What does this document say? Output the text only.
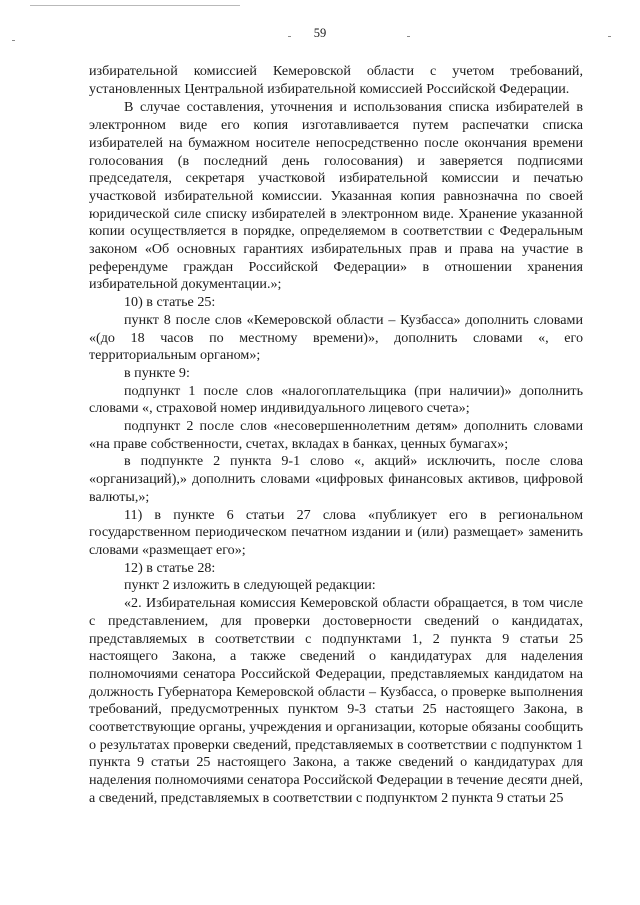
59

избирательной комиссией Кемеровской области с учетом требований, установленных Центральной избирательной комиссией Российской Федерации.

В случае составления, уточнения и использования списка избирателей в электронном виде его копия изготавливается путем распечатки списка избирателей на бумажном носителе непосредственно после окончания времени голосования (в последний день голосования) и заверяется подписями председателя, секретаря участковой избирательной комиссии и печатью участковой избирательной комиссии. Указанная копия равнозначна по своей юридической силе списку избирателей в электронном виде. Хранение указанной копии осуществляется в порядке, определяемом в соответствии с Федеральным законом «Об основных гарантиях избирательных прав и права на участие в референдуме граждан Российской Федерации» в отношении хранения избирательной документации.»;

10) в статье 25:

пункт 8 после слов «Кемеровской области – Кузбасса» дополнить словами «(до 18 часов по местному времени)», дополнить словами «, его территориальным органом»;

в пункте 9:

подпункт 1 после слов «налогоплательщика (при наличии)» дополнить словами «, страховой номер индивидуального лицевого счета»;

подпункт 2 после слов «несовершеннолетним детям» дополнить словами «на праве собственности, счетах, вкладах в банках, ценных бумагах»;

в подпункте 2 пункта 9-1 слово «, акций» исключить, после слова «организаций),» дополнить словами «цифровых финансовых активов, цифровой валюты,»;

11) в пункте 6 статьи 27 слова «публикует его в региональном государственном периодическом печатном издании и (или) размещает» заменить словами «размещает его»;

12) в статье 28:

пункт 2 изложить в следующей редакции:

«2. Избирательная комиссия Кемеровской области обращается, в том числе с представлением, для проверки достоверности сведений о кандидатах, представляемых в соответствии с подпунктами 1, 2 пункта 9 статьи 25 настоящего Закона, а также сведений о кандидатурах для наделения полномочиями сенатора Российской Федерации, представляемых кандидатом на должность Губернатора Кемеровской области – Кузбасса, о проверке выполнения требований, предусмотренных пунктом 9-3 статьи 25 настоящего Закона, в соответствующие органы, учреждения и организации, которые обязаны сообщить о результатах проверки сведений, представляемых в соответствии с подпунктом 1 пункта 9 статьи 25 настоящего Закона, а также сведений о кандидатурах для наделения полномочиями сенатора Российской Федерации в течение десяти дней, а сведений, представляемых в соответствии с подпунктом 2 пункта 9 статьи 25
